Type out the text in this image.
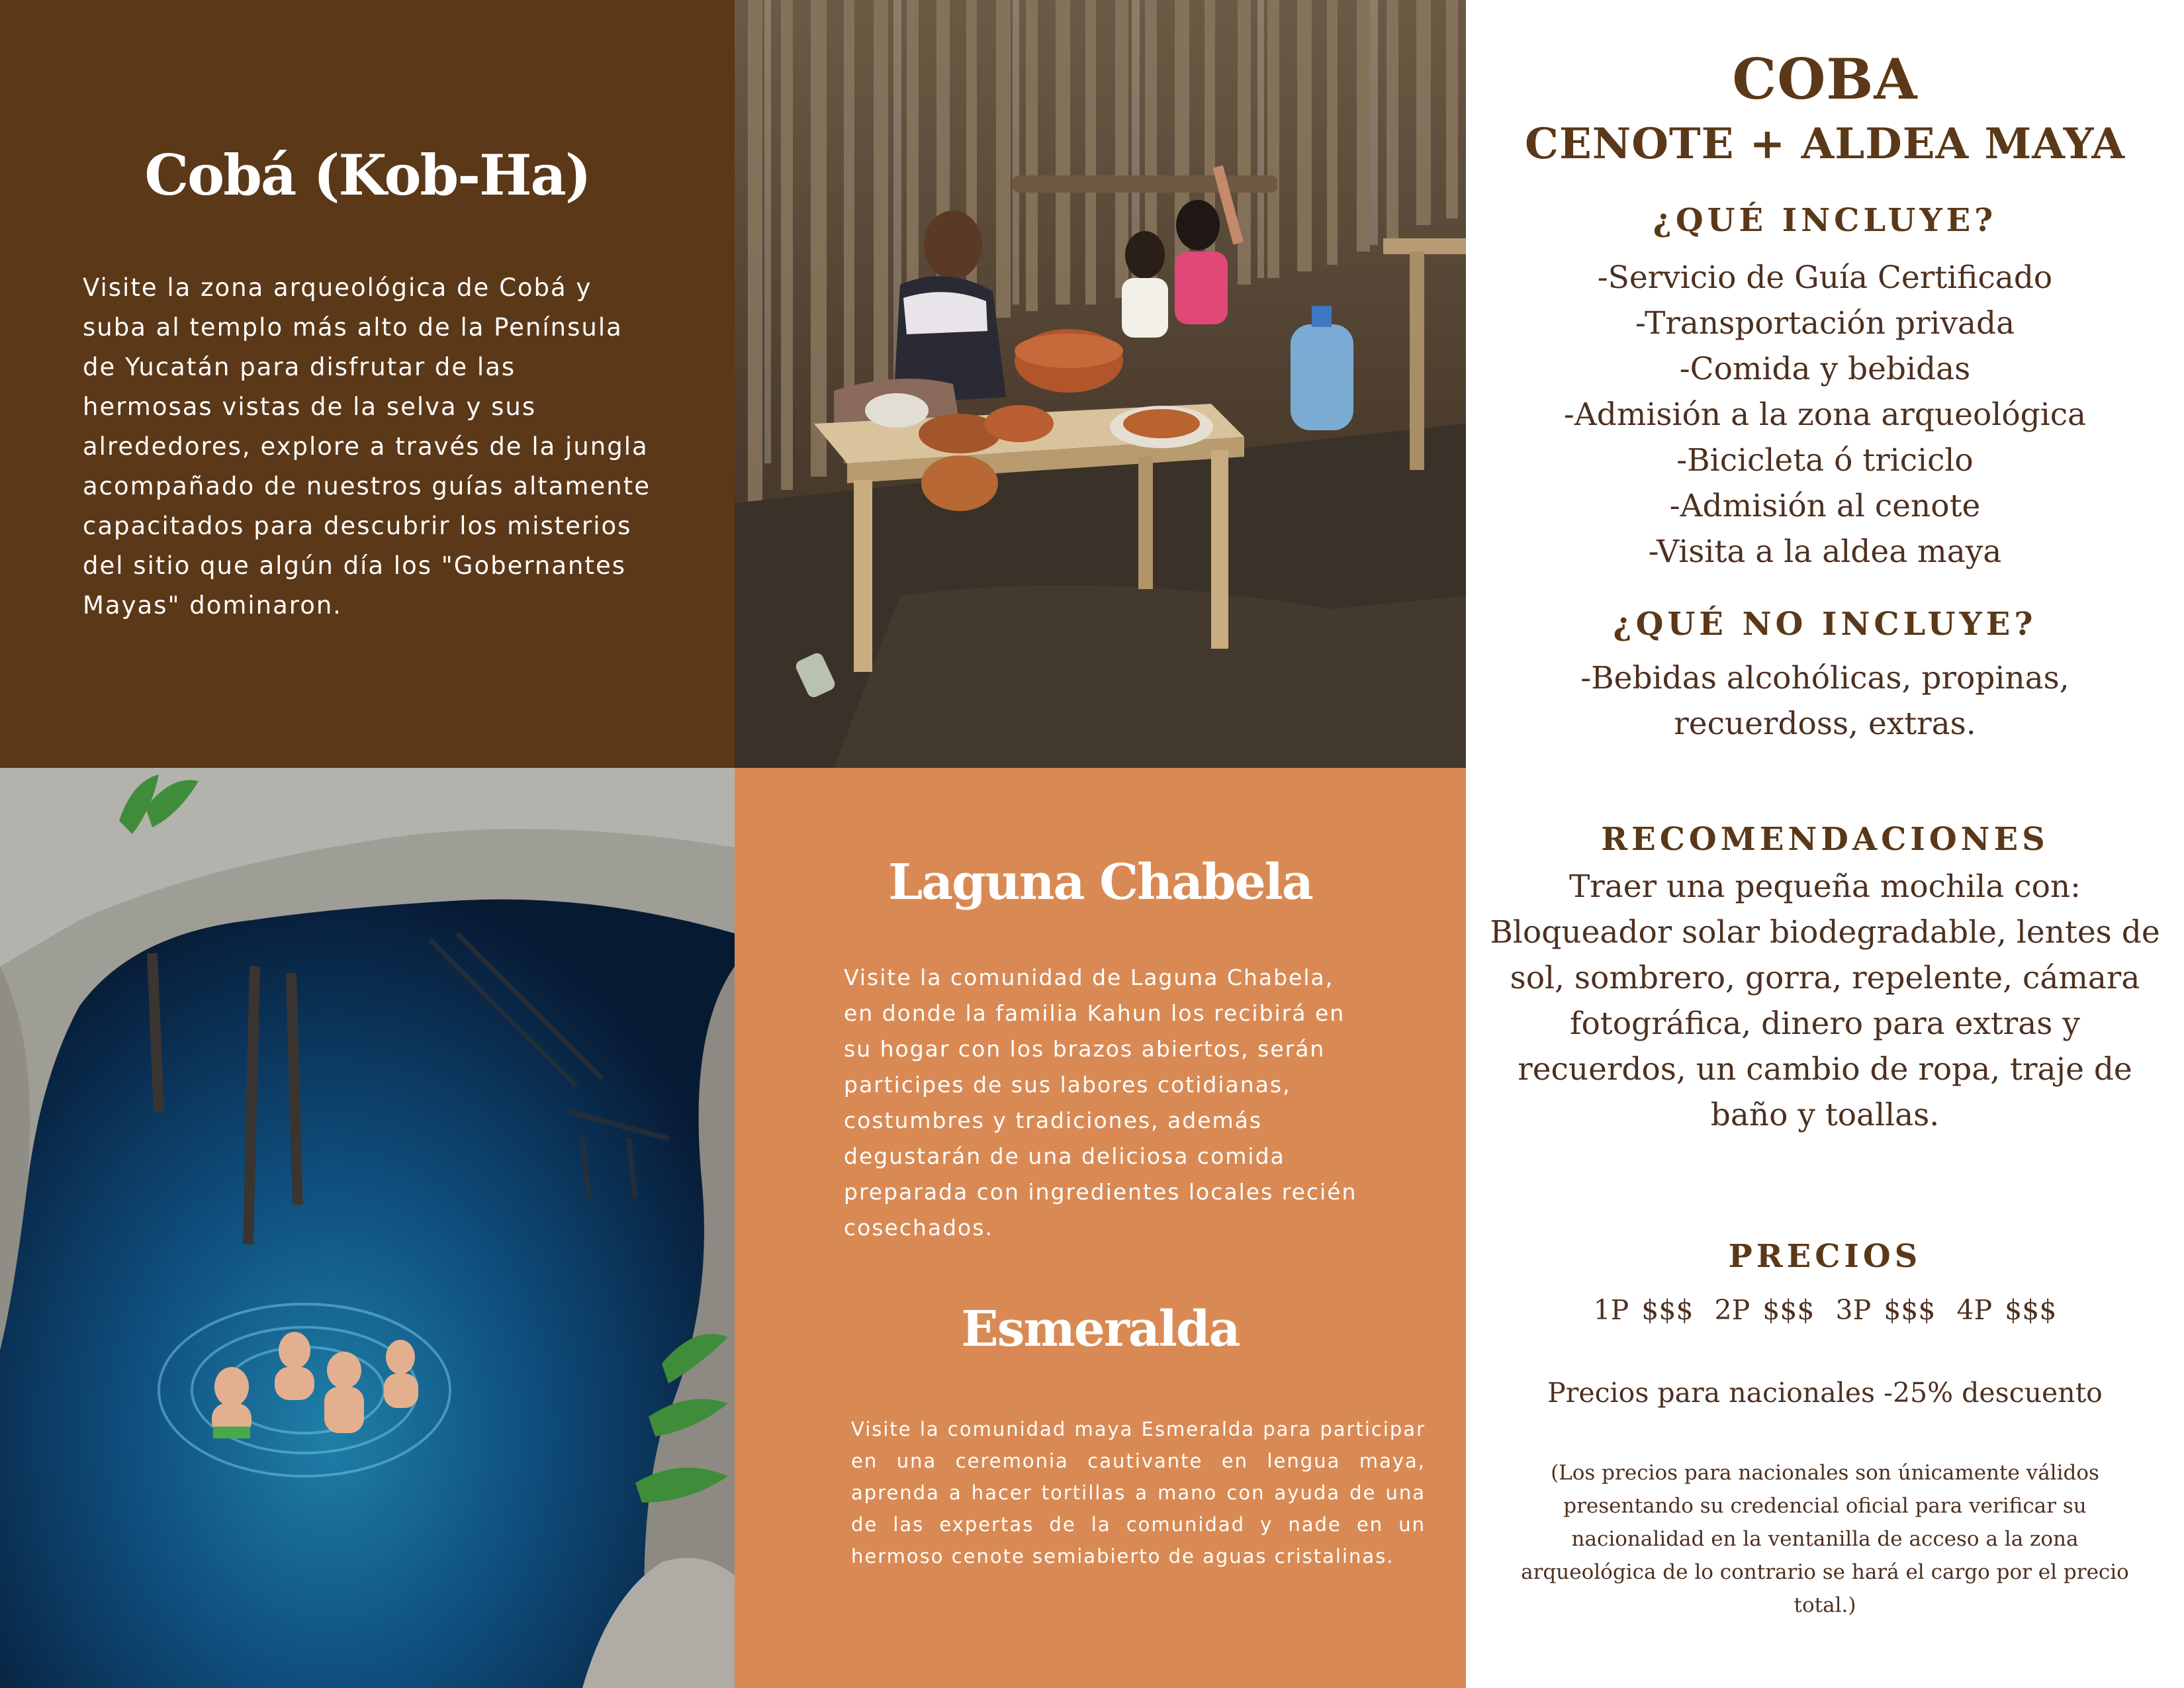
Cobá (Kob-Ha)

Visite la zona arqueológica de Cobá y
suba al templo más alto de la Península
de Yucatán para disfrutar de las
hermosas vistas de la selva y sus
alrededores, explore a través de la jungla
acompañado de nuestros guías altamente
capacitados para descubrir los misterios
del sitio que algún día los "Gobernantes
Mayas" dominaron.

Laguna Chabela

Visite la comunidad de Laguna Chabela,
en donde la familia Kahun los recibirá en
su hogar con los brazos abiertos, serán
participes de sus labores cotidianas,
costumbres y tradiciones, además
degustarán de una deliciosa comida
preparada con ingredientes locales recién
cosechados.

Esmeralda

Visite la comunidad maya Esmeralda para participar en una ceremonia cautivante en lengua maya, aprenda a hacer tortillas a mano con ayuda de una de las expertas de la comunidad y nade en un hermoso cenote semiabierto de aguas cristalinas.

COBA
CENOTE + ALDEA MAYA
¿QUÉ INCLUYE?
-Servicio de Guía Certificado
-Transportación privada
-Comida y bebidas
-Admisión a la zona arqueológica
-Bicicleta ó triciclo
-Admisión al cenote
-Visita a la aldea maya
¿QUÉ NO INCLUYE?

-Bebidas alcohólicas, propinas,
recuerdoss, extras.

RECOMENDACIONES

Traer una pequeña mochila con:
Bloqueador solar biodegradable, lentes de
sol, sombrero, gorra, repelente, cámara
fotográfica, dinero para extras y
recuerdos, un cambio de ropa, traje de
baño y toallas.

PRECIOS

1P $$$ 2P $$$ 3P $$$ 4P $$$

Precios para nacionales -25% descuento

(Los precios para nacionales son únicamente válidos
presentando su credencial oficial para verificar su
nacionalidad en la ventanilla de acceso a la zona
arqueológica de lo contrario se hará el cargo por el precio
total.)
